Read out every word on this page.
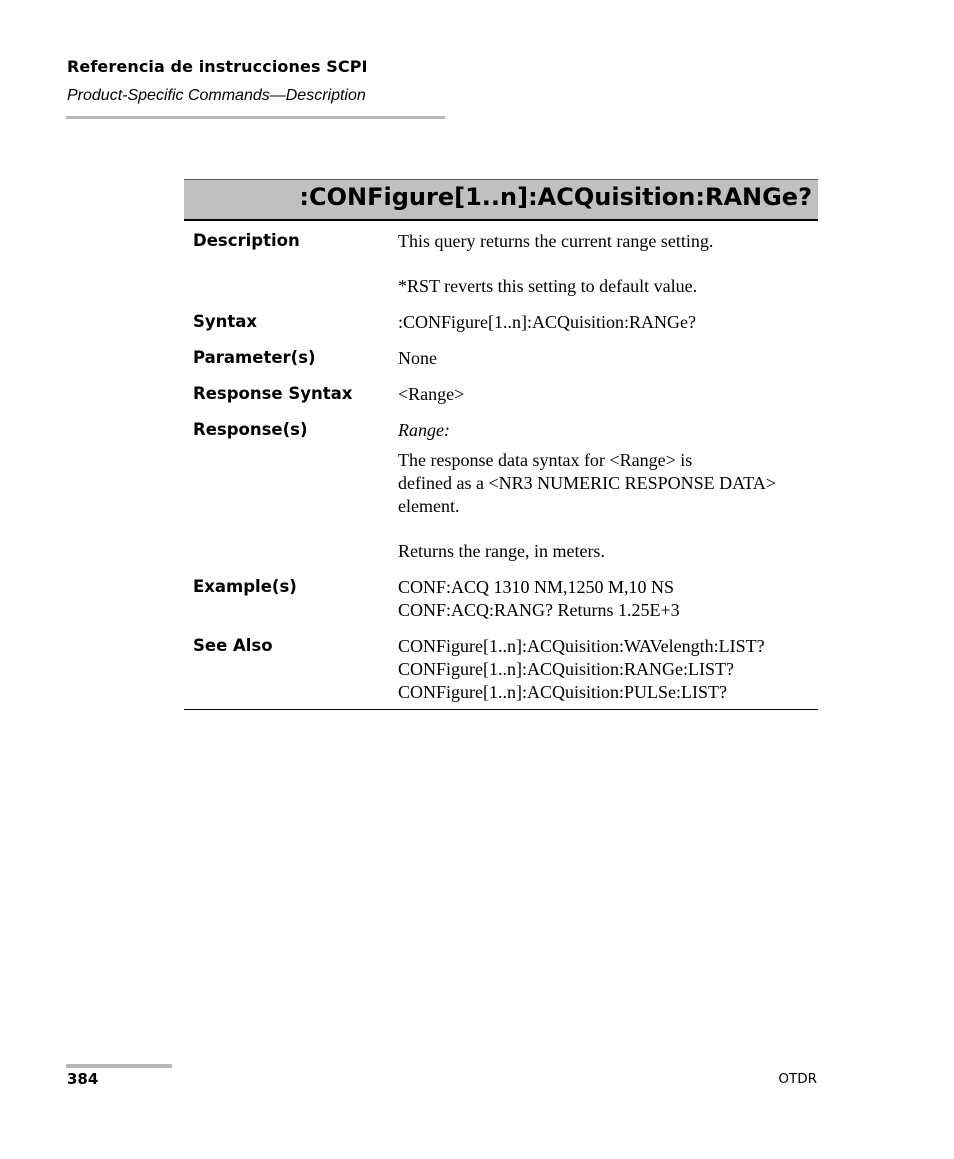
Referencia de instrucciones SCPI
Product-Specific Commands—Description
:CONFigure[1..n]:ACQuisition:RANGe?
Description	This query returns the current range setting.
*RST reverts this setting to default value.
Syntax	:CONFigure[1..n]:ACQuisition:RANGe?
Parameter(s)	None
Response Syntax	<Range>
Response(s)	Range:
The response data syntax for <Range> is
defined as a <NR3 NUMERIC RESPONSE DATA>
element.
Returns the range, in meters.
Example(s)	CONF:ACQ 1310 NM,1250 M,10 NS
CONF:ACQ:RANG? Returns 1.25E+3
See Also	CONFigure[1..n]:ACQuisition:WAVelength:LIST?
CONFigure[1..n]:ACQuisition:RANGe:LIST?
CONFigure[1..n]:ACQuisition:PULSe:LIST?
384	OTDR
